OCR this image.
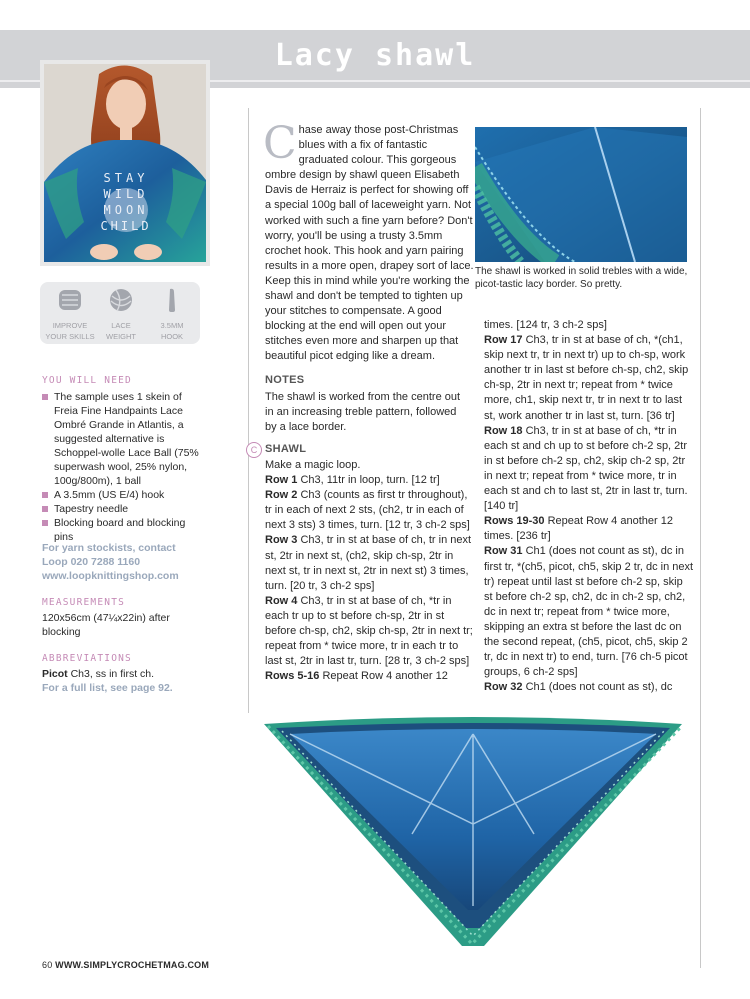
Lacy shawl
STAY
WILD
MOON
CHILD
IMPROVE
YOUR SKILLS
LACE
WEIGHT
3.5MM
HOOK
YOU WILL NEED
The sample uses 1 skein of Freia Fine Handpaints Lace Ombré Grande in Atlantis, a suggested alternative is Schoppel-wolle Lace Ball (75% superwash wool, 25% nylon, 100g/800m), 1 ball
A 3.5mm (US E/4) hook
Tapestry needle
Blocking board and blocking pins
For yarn stockists, contact
Loop 020 7288 1160
www.loopknittingshop.com
MEASUREMENTS
120x56cm (47¼x22in) after
blocking
ABBREVIATIONS
Picot Ch3, ss in first ch.
For a full list, see page 92.
Chase away those post-Christmas blues with a fix of fantastic graduated colour. This gorgeous ombre design by shawl queen Elisabeth Davis de Herraiz is perfect for showing off a special 100g ball of laceweight yarn. Not worked with such a fine yarn before? Don't worry, you'll be using a trusty 3.5mm crochet hook. This hook and yarn pairing results in a more open, drapey sort of lace. Keep this in mind while you're working the shawl and don't be tempted to tighten up your stitches to compensate. A good blocking at the end will open out your stitches even more and sharpen up that beautiful picot edging like a dream.
NOTES
The shawl is worked from the centre out in an increasing treble pattern, followed by a lace border.
C SHAWL
Make a magic loop.
Row 1 Ch3, 11tr in loop, turn. [12 tr]
Row 2 Ch3 (counts as first tr throughout), tr in each of next 2 sts, (ch2, tr in each of next 3 sts) 3 times, turn. [12 tr, 3 ch-2 sps]
Row 3 Ch3, tr in st at base of ch, tr in next st, 2tr in next st, (ch2, skip ch-sp, 2tr in next st, tr in next st, 2tr in next st) 3 times, turn. [20 tr, 3 ch-2 sps]
Row 4 Ch3, tr in st at base of ch, *tr in each tr up to st before ch-sp, 2tr in st before ch-sp, ch2, skip ch-sp, 2tr in next tr; repeat from * twice more, tr in each tr to last st, 2tr in last tr, turn. [28 tr, 3 ch-2 sps]
Rows 5-16 Repeat Row 4 another 12
times. [124 tr, 3 ch-2 sps]
Row 17 Ch3, tr in st at base of ch, *(ch1, skip next tr, tr in next tr) up to ch-sp, work another tr in last st before ch-sp, ch2, skip ch-sp, 2tr in next tr; repeat from * twice more, ch1, skip next tr, tr in next tr to last st, work another tr in last st, turn. [36 tr]
Row 18 Ch3, tr in st at base of ch, *tr in each st and ch up to st before ch-2 sp, 2tr in st before ch-2 sp, ch2, skip ch-2 sp, 2tr in next tr; repeat from * twice more, tr in each st and ch to last st, 2tr in last tr, turn. [140 tr]
Rows 19-30 Repeat Row 4 another 12 times. [236 tr]
Row 31 Ch1 (does not count as st), dc in first tr, *(ch5, picot, ch5, skip 2 tr, dc in next tr) repeat until last st before ch-2 sp, skip st before ch-2 sp, ch2, dc in ch-2 sp, ch2, dc in next tr; repeat from * twice more, skipping an extra st before the last dc on the second repeat, (ch5, picot, ch5, skip 2 tr, dc in next tr) to end, turn. [76 ch-5 picot groups, 6 ch-2 sps]
Row 32 Ch1 (does not count as st), dc
The shawl is worked in solid trebles with a wide, picot-tastic lacy border. So pretty.
60 WWW.SIMPLYCROCHETMAG.COM
